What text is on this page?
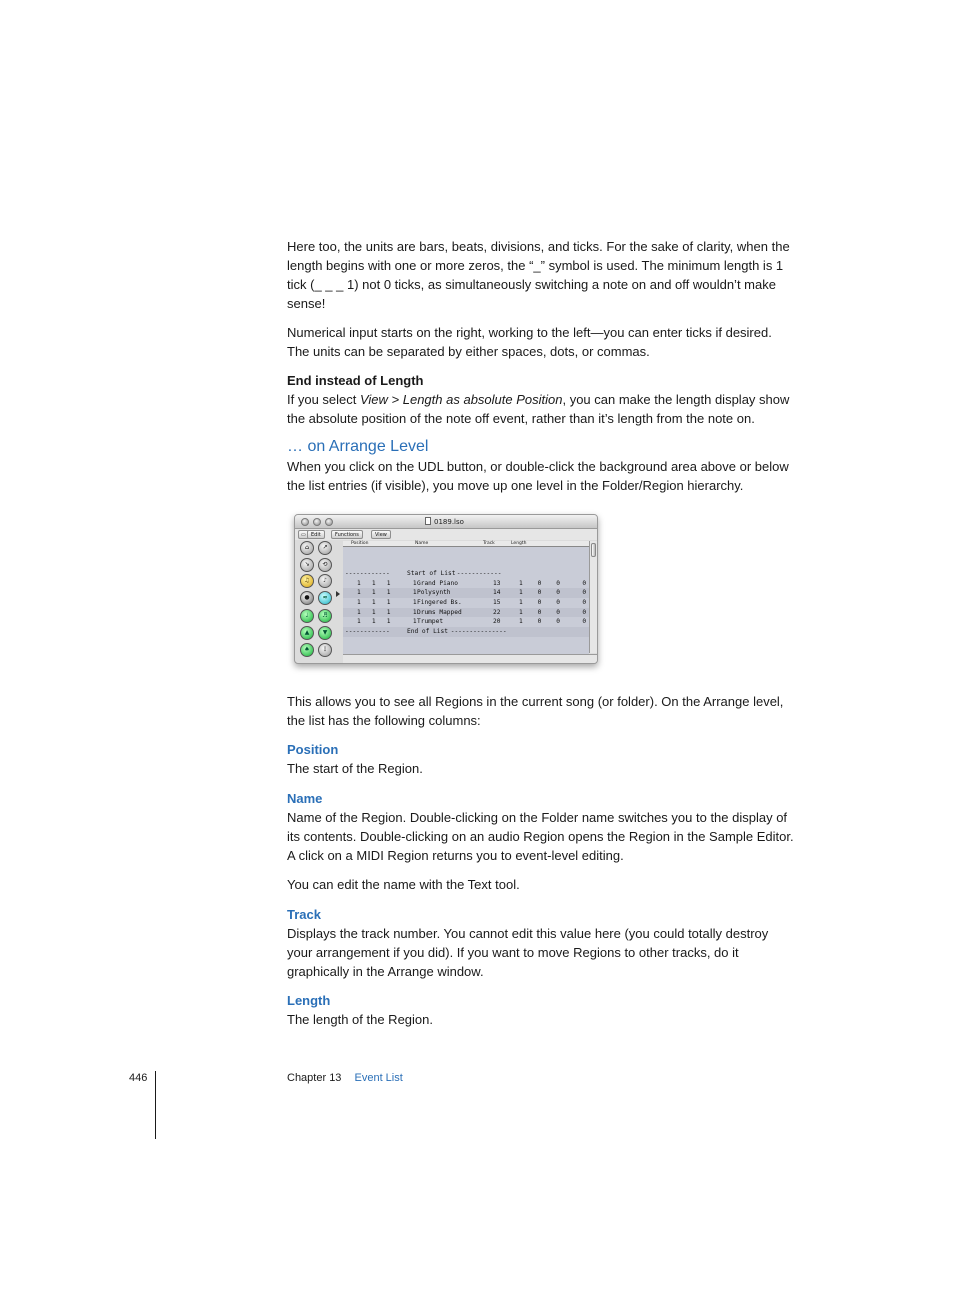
Here too, the units are bars, beats, divisions, and ticks. For the sake of clarity, when the length begins with one or more zeros, the “_” symbol is used. The minimum length is 1 tick (_ _ _ 1) not 0 ticks, as simultaneously switching a note on and off wouldn’t make sense!

Numerical input starts on the right, working to the left—you can enter ticks if desired. The units can be separated by either spaces, dots, or commas.

End instead of Length

If you select View > Length as absolute Position, you can make the length display show the absolute position of the note off event, rather than it’s length from the note on.

… on Arrange Level

When you click on the UDL button, or double-click the background area above or below the list entries (if visible), you move up one level in the Folder/Region hierarchy.

0189.lso
▭	Edit	Functions	View
⌂	↗
↘	⟲
♫	♪
●	≈
♩	♬
▲	▼
♠	⋮
Position	Name	Track	Length
------------ Start of List
------------
1   1   1      1 Grand Piano	13	1    0    0      0
1   1   1      1 Polysynth	14	1    0    0      0
1   1   1      1 Fingered Bs.	15	1    0    0      0
1   1   1      1 Drums Mapped	22	1    0    0      0
1   1   1      1 Trumpet	20	1    0    0      0
------------ End of List ---------------

This allows you to see all Regions in the current song (or folder). On the Arrange level, the list has the following columns:

Position

The start of the Region.

Name

Name of the Region. Double-clicking on the Folder name switches you to the display of its contents. Double-clicking on an audio Region opens the Region in the Sample Editor. A click on a MIDI Region returns you to event-level editing.

You can edit the name with the Text tool.

Track

Displays the track number. You cannot edit this value here (you could totally destroy your arrangement if you did). If you want to move Regions to other tracks, do it graphically in the Arrange window.

Length

The length of the Region.

446	Chapter 13 Event List
